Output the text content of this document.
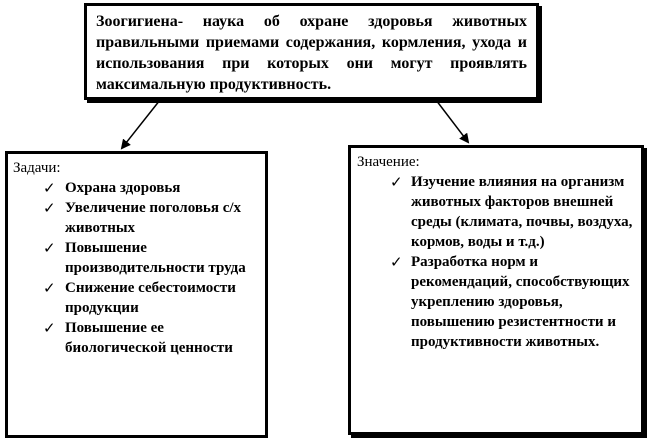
Зоогигиена- наука об охране здоровья животных правильными приемами содержания, кормления, ухода и использования при которых они могут проявлять максимальную продуктивность.
Задачи:
✓ Охрана здоровья
✓ Увеличение поголовья с/х животных
✓ Повышение производительности труда
✓ Снижение себестоимости продукции
✓ Повышение ее биологической ценности
Значение:
✓ Изучение влияния на организм животных факторов внешней среды (климата, почвы, воздуха, кормов, воды и т.д.)
✓ Разработка норм и рекомендаций, способствующих укреплению здоровья, повышению резистентности и продуктивности животных.
